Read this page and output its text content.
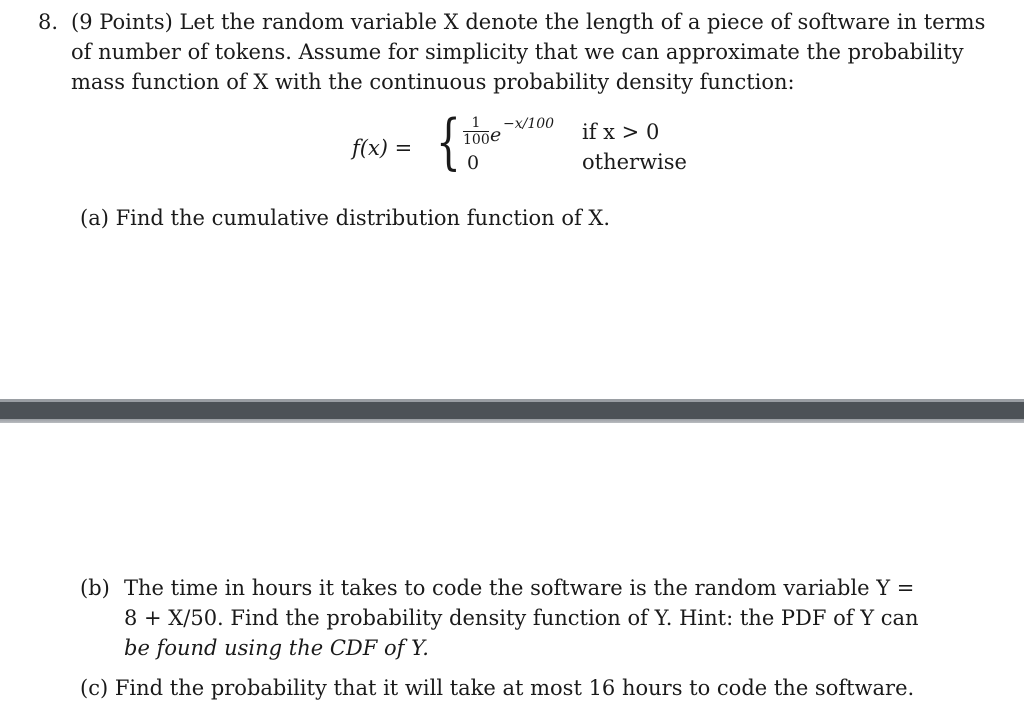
8. (9 Points) Let the random variable X denote the length of a piece of software in terms
of number of tokens. Assume for simplicity that we can approximate the probability
mass function of X with the continuous probability density function:
f(x) = { 1
100 e −x/100
0
if x > 0
otherwise
(a) Find the cumulative distribution function of X.
(b) The time in hours it takes to code the software is the random variable Y =
8 + X/50. Find the probability density function of Y. Hint: the PDF of Y can
be found using the CDF of Y.
(c) Find the probability that it will take at most 16 hours to code the software.
